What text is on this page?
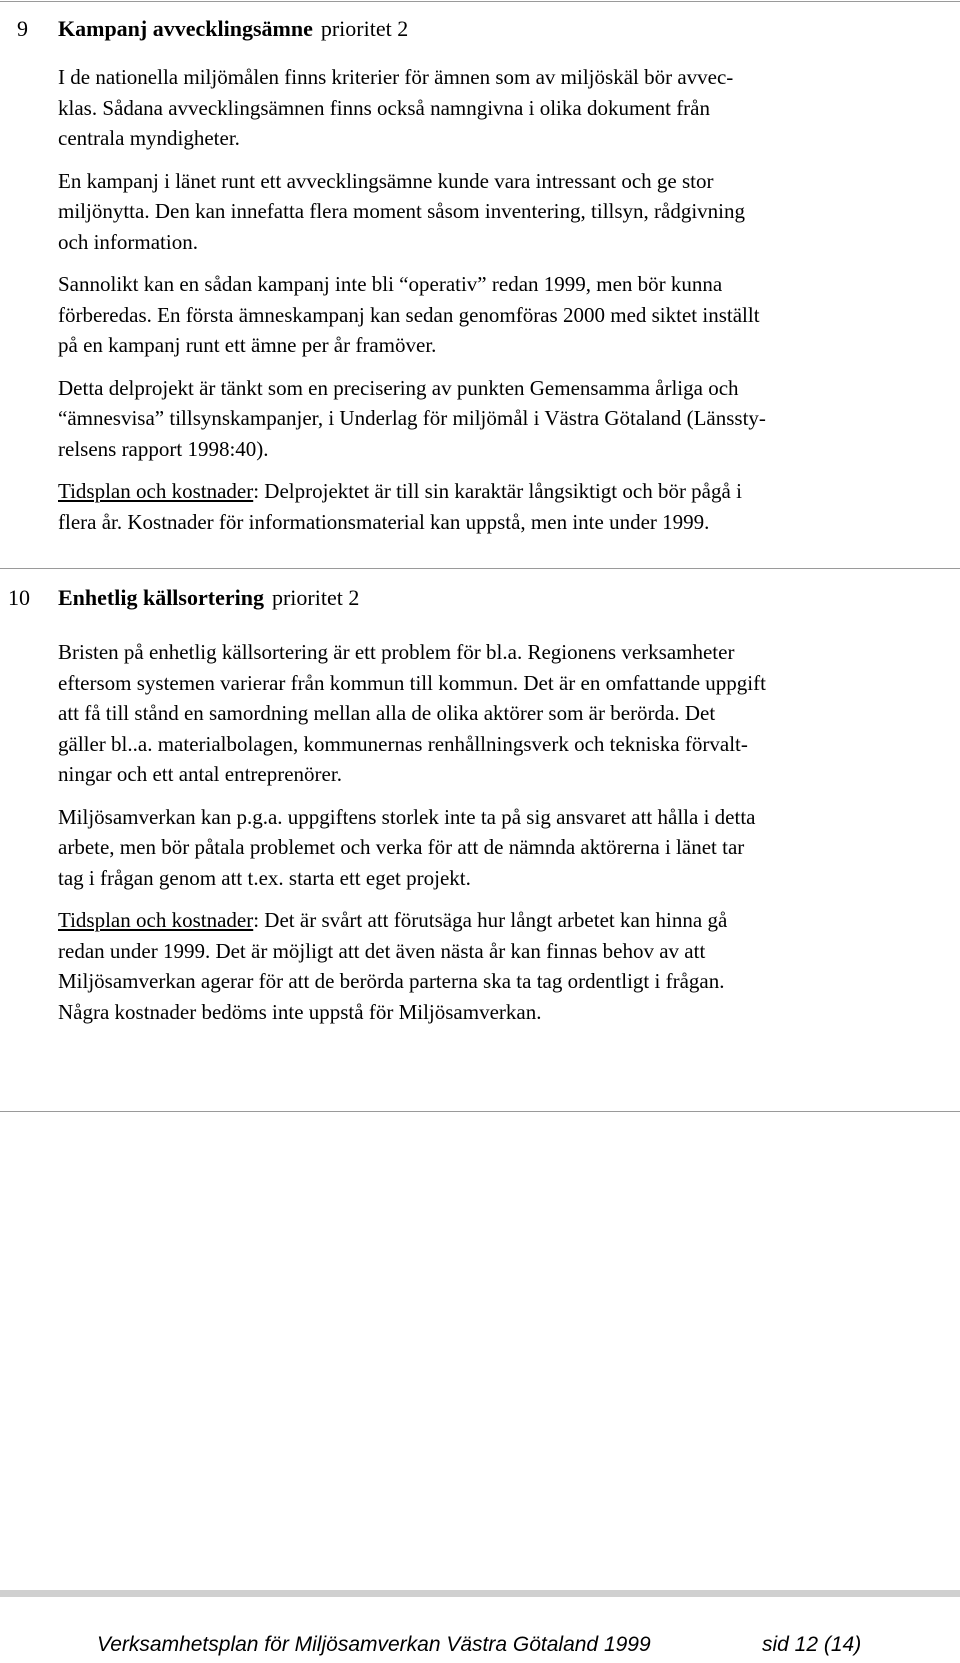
9 Kampanj avvecklingsämne prioritet 2

I de nationella miljömålen finns kriterier för ämnen som av miljöskäl bör avvec-
klas. Sådana avvecklingsämnen finns också namngivna i olika dokument från
centrala myndigheter.

En kampanj i länet runt ett avvecklingsämne kunde vara intressant och ge stor
miljönytta. Den kan innefatta flera moment såsom inventering, tillsyn, rådgivning
och information.

Sannolikt kan en sådan kampanj inte bli “operativ” redan 1999, men bör kunna
förberedas. En första ämneskampanj kan sedan genomföras 2000 med siktet inställt
på en kampanj runt ett ämne per år framöver.

Detta delprojekt är tänkt som en precisering av punkten Gemensamma årliga och
“ämnesvisa” tillsynskampanjer, i Underlag för miljömål i Västra Götaland (Länssty-
relsens rapport 1998:40).

Tidsplan och kostnader: Delprojektet är till sin karaktär långsiktigt och bör pågå i
flera år. Kostnader för informationsmaterial kan uppstå, men inte under 1999.

10 Enhetlig källsortering prioritet 2

Bristen på enhetlig källsortering är ett problem för bl.a. Regionens verksamheter
eftersom systemen varierar från kommun till kommun. Det är en omfattande uppgift
att få till stånd en samordning mellan alla de olika aktörer som är berörda. Det
gäller bl..a. materialbolagen, kommunernas renhållningsverk och tekniska förvalt-
ningar och ett antal entreprenörer.

Miljösamverkan kan p.g.a. uppgiftens storlek inte ta på sig ansvaret att hålla i detta
arbete, men bör påtala problemet och verka för att de nämnda aktörerna i länet tar
tag i frågan genom att t.ex. starta ett eget projekt.

Tidsplan och kostnader: Det är svårt att förutsäga hur långt arbetet kan hinna gå
redan under 1999. Det är möjligt att det även nästa år kan finnas behov av att
Miljösamverkan agerar för att de berörda parterna ska ta tag ordentligt i frågan.
Några kostnader bedöms inte uppstå för Miljösamverkan.

Verksamhetsplan för Miljösamverkan Västra Götaland 1999	sid 12 (14)
